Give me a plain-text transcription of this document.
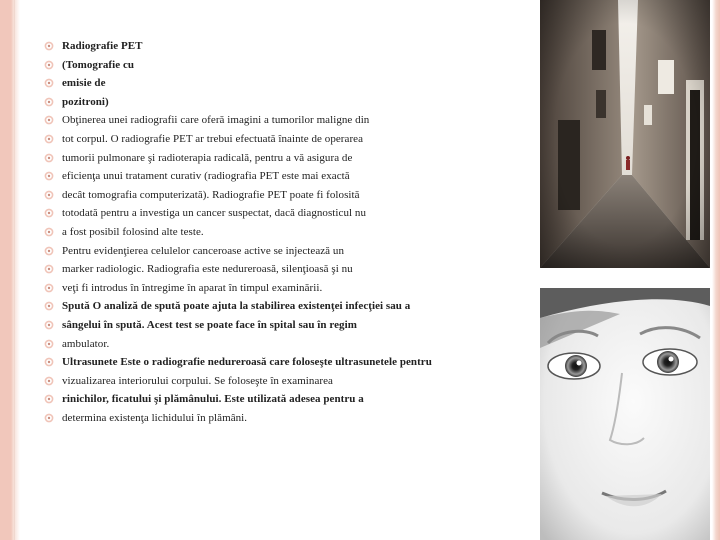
Radiografie PET
(Tomografie cu
emisie de
pozitroni)
Obţinerea unei radiografii care oferă imagini a tumorilor maligne din
tot corpul. O radiografie PET ar trebui efectuată înainte de operarea
tumorii pulmonare şi radioterapia radicală, pentru a vă asigura de
eficienţa unui tratament curativ (radiografia PET este mai exactă
decât tomografia computerizată). Radiografie PET poate fi folosită
totodată pentru a investiga un cancer suspectat, dacă diagnosticul nu
a fost posibil folosind alte teste.
Pentru evidenţierea celulelor canceroase active se injectează un
marker radiologic. Radiografia este nedureroasă, silenţioasă şi nu
veţi fi introdus în întregime în aparat în timpul examinării.
Spută O analiză de spută poate ajuta la stabilirea existenţei infecţiei sau a
sângelui în spută. Acest test se poate face în spital sau în regim
ambulator.
Ultrasunete Este o radiografie nedureroasă care foloseşte ultrasunetele pentru
vizualizarea interiorului corpului. Se foloseşte în examinarea
rinichilor, ficatului şi plămânului. Este utilizată adesea pentru a
determina existenţa lichidului în plămâni.
